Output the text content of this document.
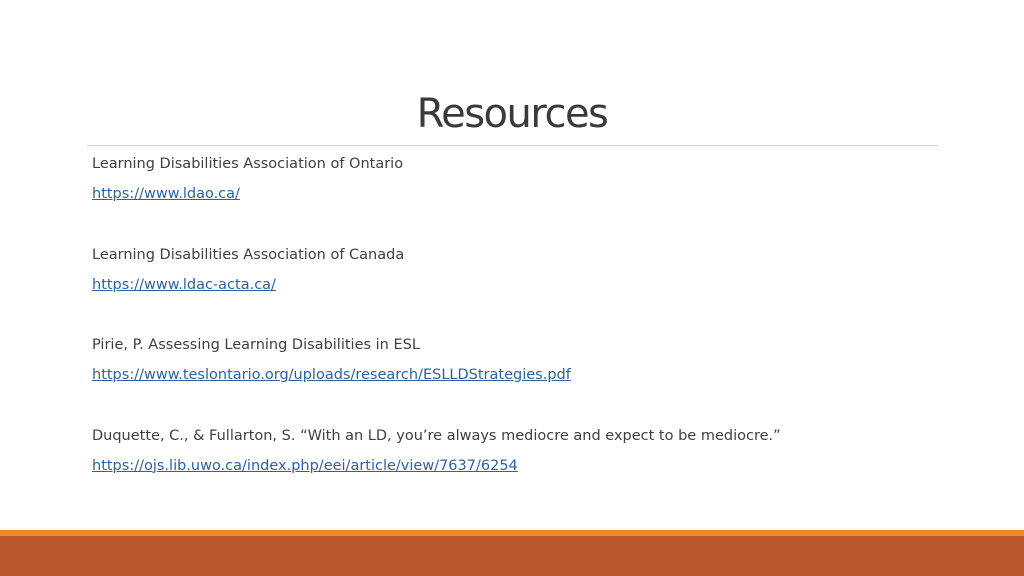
Resources
Learning Disabilities Association of Ontario
https://www.ldao.ca/
Learning Disabilities Association of Canada
https://www.ldac-acta.ca/
Pirie, P. Assessing Learning Disabilities in ESL
https://www.teslontario.org/uploads/research/ESLLDStrategies.pdf
Duquette, C., & Fullarton, S. “With an LD, you’re always mediocre and expect to be mediocre.”
https://ojs.lib.uwo.ca/index.php/eei/article/view/7637/6254
